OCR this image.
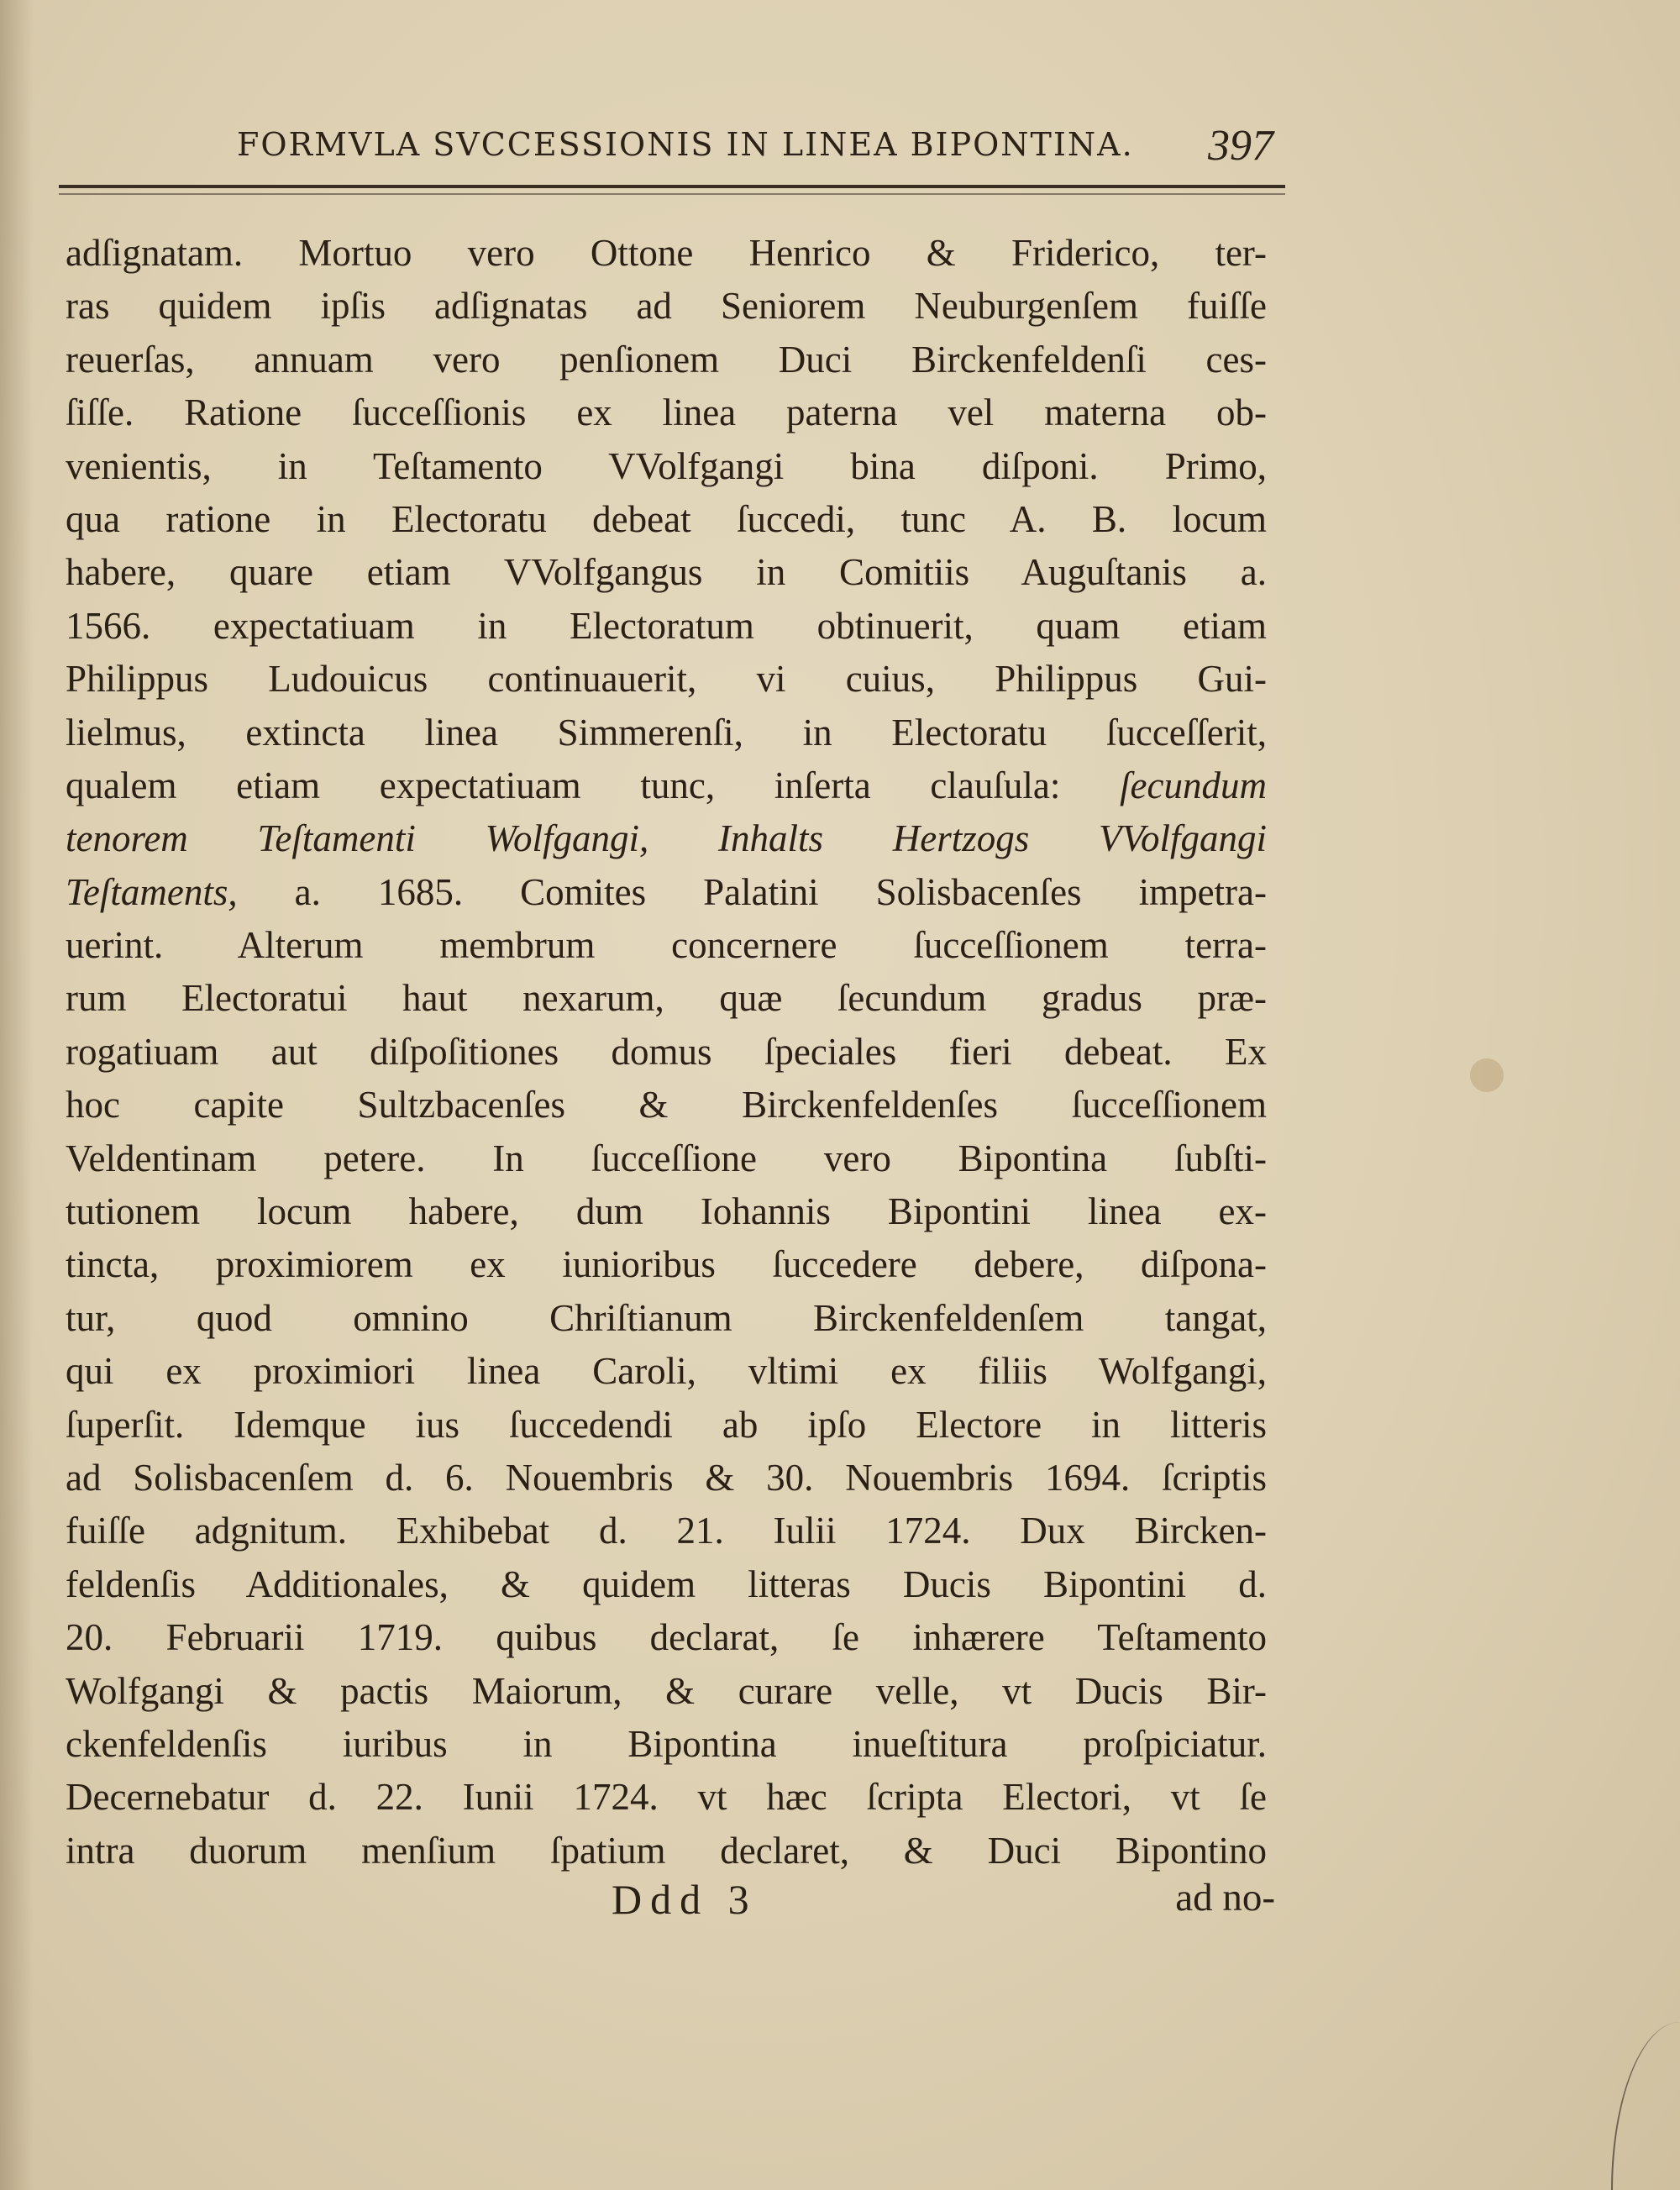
FORMVLA SVCCESSIONIS IN LINEA BIPONTINA. 397
adſignatam. Mortuo vero Ottone Henrico & Friderico, ter-
ras quidem ipſis adſignatas ad Seniorem Neuburgenſem fuiſſe
reuerſas, annuam vero penſionem Duci Birckenfeldenſi ces-
ſiſſe. Ratione ſucceſſionis ex linea paterna vel materna ob-
venientis, in Teſtamento VVolfgangi bina diſponi. Primo,
qua ratione in Electoratu debeat ſuccedi, tunc A. B. locum
habere, quare etiam VVolfgangus in Comitiis Auguſtanis a.
1566. expectatiuam in Electoratum obtinuerit, quam etiam
Philippus Ludouicus continuauerit, vi cuius, Philippus Gui-
lielmus, extincta linea Simmerenſi, in Electoratu ſucceſſerit,
qualem etiam expectatiuam tunc, inſerta clauſula: ſecundum
tenorem Teſtamenti Wolfgangi, Inhalts Hertzogs VVolfgangi
Teſtaments, a. 1685. Comites Palatini Solisbacenſes impetra-
uerint. Alterum membrum concernere ſucceſſionem terra-
rum Electoratui haut nexarum, quæ ſecundum gradus præ-
rogatiuam aut diſpoſitiones domus ſpeciales fieri debeat. Ex
hoc capite Sultzbacenſes & Birckenfeldenſes ſucceſſionem
Veldentinam petere. In ſucceſſione vero Bipontina ſubſti-
tutionem locum habere, dum Iohannis Bipontini linea ex-
tincta, proximiorem ex iunioribus ſuccedere debere, diſpona-
tur, quod omnino Chriſtianum Birckenfeldenſem tangat,
qui ex proximiori linea Caroli, vltimi ex filiis Wolfgangi,
ſuperſit. Idemque ius ſuccedendi ab ipſo Electore in litteris
ad Solisbacenſem d. 6. Nouembris & 30. Nouembris 1694. ſcriptis
fuiſſe adgnitum. Exhibebat d. 21. Iulii 1724. Dux Bircken-
feldenſis Additionales, & quidem litteras Ducis Bipontini d.
20. Februarii 1719. quibus declarat, ſe inhærere Teſtamento
Wolfgangi & pactis Maiorum, & curare velle, vt Ducis Bir-
ckenfeldenſis iuribus in Bipontina inueſtitura proſpiciatur.
Decernebatur d. 22. Iunii 1724. vt hæc ſcripta Electori, vt ſe
intra duorum menſium ſpatium declaret, & Duci Bipontino
Ddd 3	ad no-
